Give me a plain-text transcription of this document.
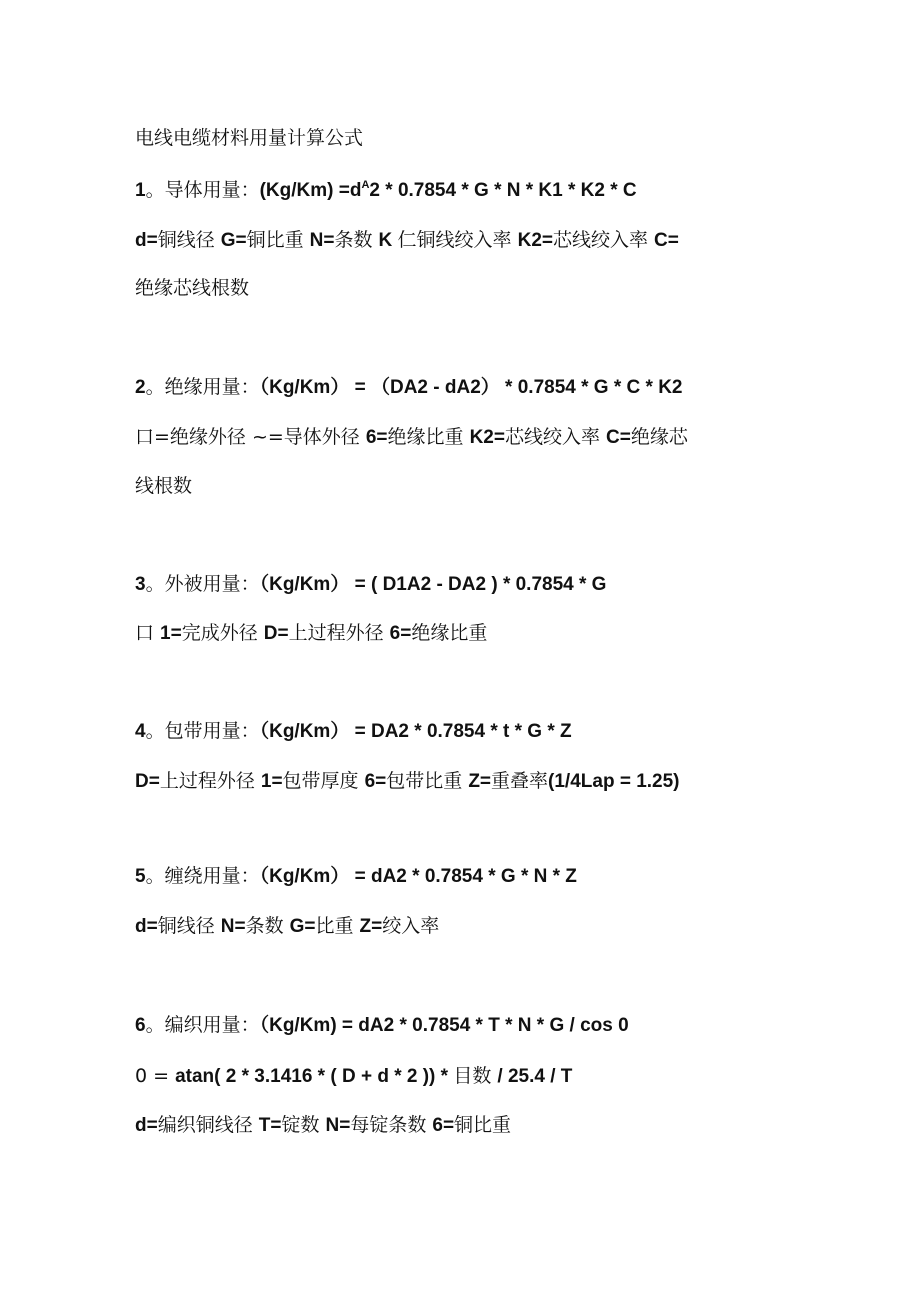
电线电缆材料用量计算公式
1。导体用量：$(Kg/Km) =d^A2 * 0.7854 * G * N * K1 * K2 * C$
d=铜线径 G=铜比重 N=条数 K 仁铜线绞入率 K2=芯线绞入率 C=
绝缘芯线根数
2。绝缘用量：（Kg/Km） = （DA2 - dA2） * 0.7854 * G * C * K2
口=绝缘外径 ~=导体外径 6=绝缘比重 K2=芯线绞入率 C=绝缘芯
线根数
3。外被用量：（Kg/Km） = ( D1A2 - DA2 ) * 0.7854 * G
口 1=完成外径 D=上过程外径 6=绝缘比重
4。包带用量：（Kg/Km） = DA2 * 0.7854 * t * G * Z
D=上过程外径 1=包带厚度 6=包带比重 Z=重叠率(1/4Lap = 1.25)
5。缠绕用量：（Kg/Km） = dA2 * 0.7854 * G * N * Z
d=铜线径 N=条数 G=比重 Z=绞入率
6。编织用量：（Kg/Km) = dA2 * 0.7854 * T * N * G / cos 0
0 = atan( 2 * 3.1416 * ( D + d * 2 )) * 目数 / 25.4 / T
d=编织铜线径 T=锭数 N=每锭条数 6=铜比重
